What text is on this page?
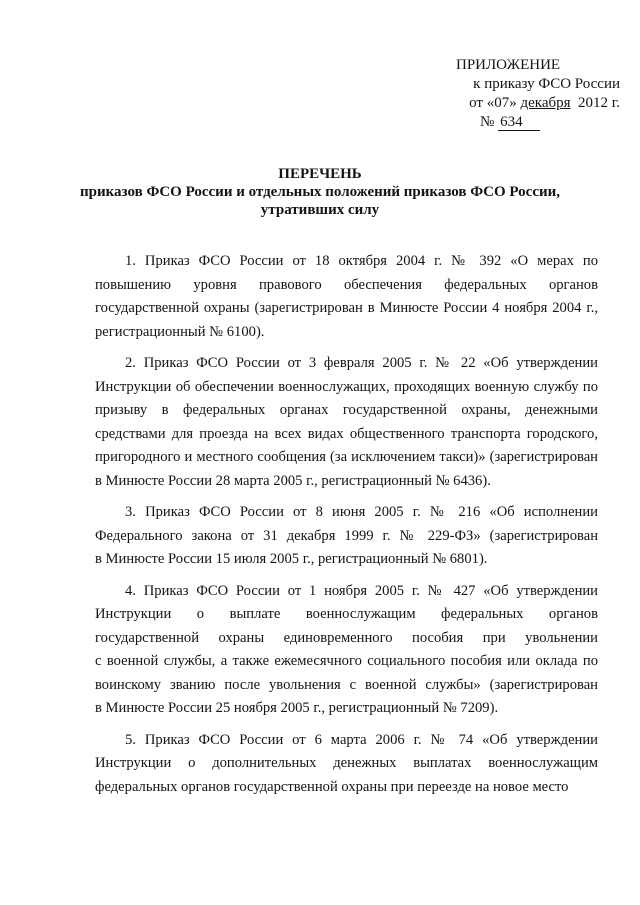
ПРИЛОЖЕНИЕ
к приказу ФСО России
от «07» декабря  2012 г.
№ 634
ПЕРЕЧЕНЬ
приказов ФСО России и отдельных положений приказов ФСО России,
утративших силу
1. Приказ ФСО России от 18 октября 2004 г. № 392 «О мерах по
повышению уровня правового обеспечения федеральных органов
государственной охраны (зарегистрирован в Минюсте России 4 ноября 2004 г.,
регистрационный № 6100).
2. Приказ ФСО России от 3 февраля 2005 г. № 22 «Об утверждении
Инструкции об обеспечении военнослужащих, проходящих военную службу по
призыву в федеральных органах государственной охраны, денежными
средствами для проезда на всех видах общественного транспорта городского,
пригородного и местного сообщения (за исключением такси)» (зарегистрирован
в Минюсте России 28 марта 2005 г., регистрационный № 6436).
3. Приказ ФСО России от 8 июня 2005 г. № 216 «Об исполнении
Федерального закона от 31 декабря 1999 г. № 229-ФЗ» (зарегистрирован
в Минюсте России 15 июля 2005 г., регистрационный № 6801).
4. Приказ ФСО России от 1 ноября 2005 г. № 427 «Об утверждении
Инструкции о выплате военнослужащим федеральных органов
государственной охраны единовременного пособия при увольнении
с военной службы, а также ежемесячного социального пособия или оклада по
воинскому званию после увольнения с военной службы» (зарегистрирован
в Минюсте России 25 ноября 2005 г., регистрационный № 7209).
5. Приказ ФСО России от 6 марта 2006 г. № 74 «Об утверждении
Инструкции о дополнительных денежных выплатах военнослужащим
федеральных органов государственной охраны при переезде на новое место
